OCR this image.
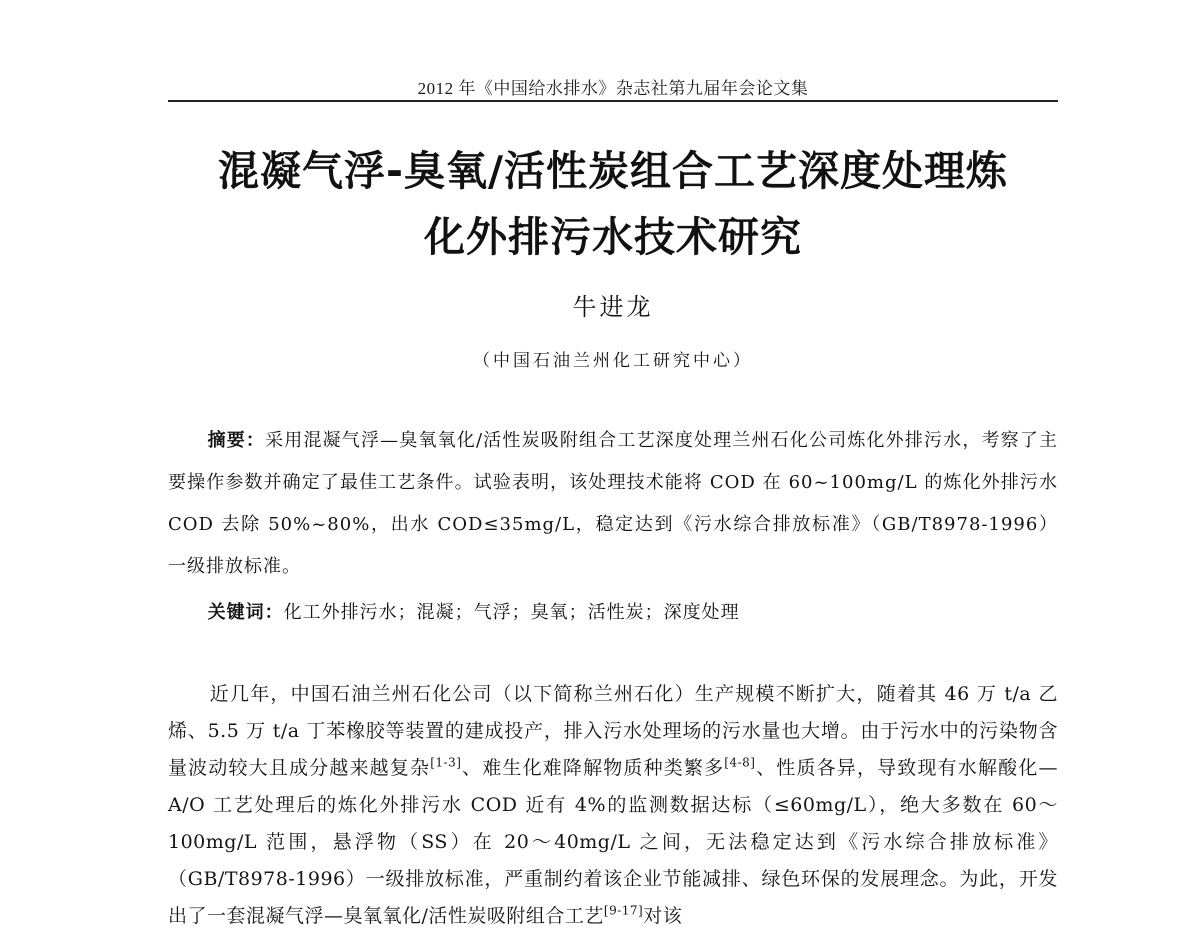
2012 年《中国给水排水》杂志社第九届年会论文集
混凝气浮-臭氧/活性炭组合工艺深度处理炼
化外排污水技术研究
牛进龙
（中国石油兰州化工研究中心）
摘要：采用混凝气浮—臭氧氧化/活性炭吸附组合工艺深度处理兰州石化公司炼化外排污水，考察了主要操作参数并确定了最佳工艺条件。试验表明，该处理技术能将 COD 在 60~100mg/L 的炼化外排污水 COD 去除 50%~80%，出水 COD≤35mg/L，稳定达到《污水综合排放标准》（GB/T8978-1996）一级排放标准。
关键词：化工外排污水；混凝；气浮；臭氧；活性炭；深度处理
近几年，中国石油兰州石化公司（以下简称兰州石化）生产规模不断扩大，随着其 46 万 t/a 乙烯、5.5 万 t/a 丁苯橡胶等装置的建成投产，排入污水处理场的污水量也大增。由于污水中的污染物含量波动较大且成分越来越复杂[1-3]、难生化难降解物质种类繁多[4-8]、性质各异，导致现有水解酸化—A/O 工艺处理后的炼化外排污水 COD 近有 4%的监测数据达标（≤60mg/L），绝大多数在 60～100mg/L 范围，悬浮物（SS）在 20～40mg/L 之间，无法稳定达到《污水综合排放标准》（GB/T8978-1996）一级排放标准，严重制约着该企业节能减排、绿色环保的发展理念。为此，开发出了一套混凝气浮—臭氧氧化/活性炭吸附组合工艺[9-17]对该
